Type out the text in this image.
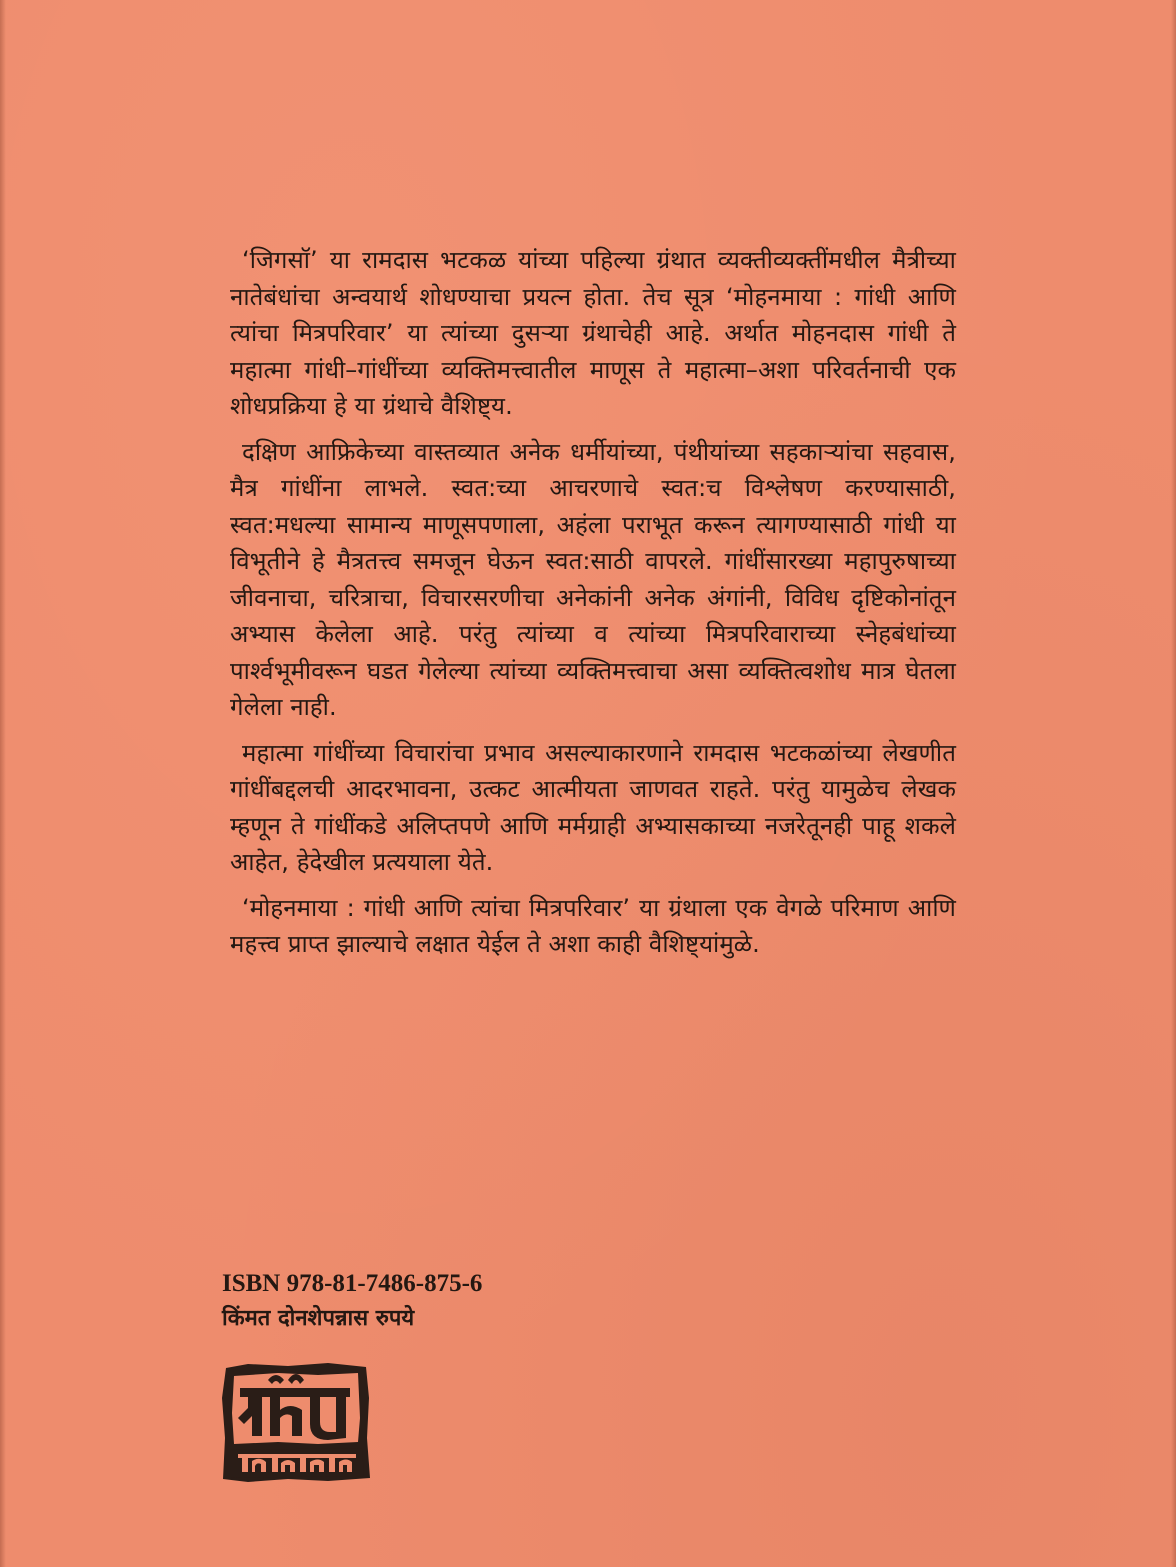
‘जिगसॉ’ या रामदास भटकळ यांच्या पहिल्या ग्रंथात व्यक्तीव्यक्तींमधील मैत्रीच्या नातेबंधांचा अन्वयार्थ शोधण्याचा प्रयत्न होता. तेच सूत्र ‘मोहनमाया : गांधी आणि त्यांचा मित्रपरिवार’ या त्यांच्या दुसऱ्या ग्रंथाचेही आहे. अर्थात मोहनदास गांधी ते महात्मा गांधी–गांधींच्या व्यक्तिमत्त्वातील माणूस ते महात्मा–अशा परिवर्तनाची एक शोधप्रक्रिया हे या ग्रंथाचे वैशिष्ट्य.

दक्षिण आफ्रिकेच्या वास्तव्यात अनेक धर्मीयांच्या, पंथीयांच्या सहकाऱ्यांचा सहवास, मैत्र गांधींना लाभले. स्वत:च्या आचरणाचे स्वत:च विश्लेषण करण्यासाठी, स्वत:मधल्या सामान्य माणूसपणाला, अहंला पराभूत करून त्यागण्यासाठी गांधी या विभूतीने हे मैत्रतत्त्व समजून घेऊन स्वत:साठी वापरले. गांधींसारख्या महापुरुषाच्या जीवनाचा, चरित्राचा, विचारसरणीचा अनेकांनी अनेक अंगांनी, विविध दृष्टिकोनांतून अभ्यास केलेला आहे. परंतु त्यांच्या व त्यांच्या मित्रपरिवाराच्या स्नेहबंधांच्या पार्श्वभूमीवरून घडत गेलेल्या त्यांच्या व्यक्तिमत्त्वाचा असा व्यक्तित्वशोध मात्र घेतला गेलेला नाही.

महात्मा गांधींच्या विचारांचा प्रभाव असल्याकारणाने रामदास भटकळांच्या लेखणीत गांधींबद्दलची आदरभावना, उत्कट आत्मीयता जाणवत राहते. परंतु यामुळेच लेखक म्हणून ते गांधींकडे अलिप्तपणे आणि मर्मग्राही अभ्यासकाच्या नजरेतूनही पाहू शकले आहेत, हेदेखील प्रत्ययाला येते.

‘मोहनमाया : गांधी आणि त्यांचा मित्रपरिवार’ या ग्रंथाला एक वेगळे परिमाण आणि महत्त्व प्राप्त झाल्याचे लक्षात येईल ते अशा काही वैशिष्ट्यांमुळे.

ISBN 978-81-7486-875-6
किंमत दोनशेपन्नास रुपये
